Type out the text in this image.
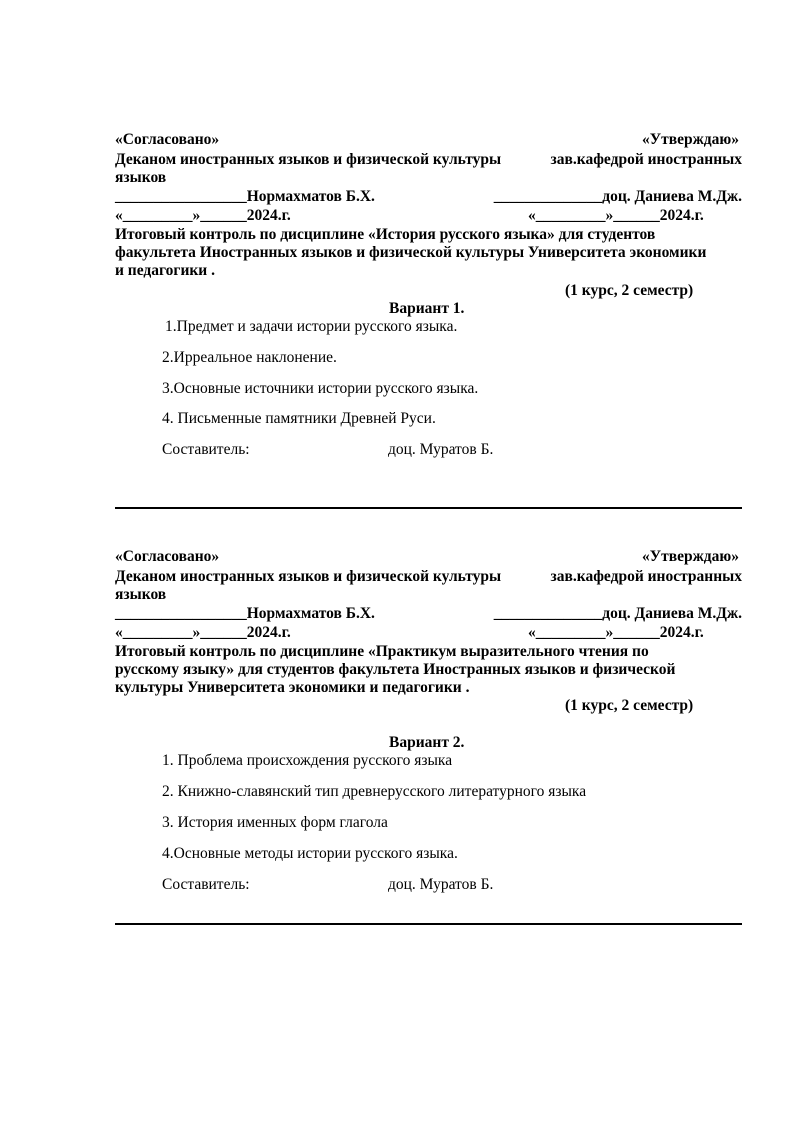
«Согласовано»	«Утверждаю»
Деканом иностранных языков и физической культуры	зав.кафедрой иностранных
языков
_________________Нормахматов Б.Х.	______________доц. Даниева М.Дж.
«_________»______2024.г.	«_________»______2024.г.
Итоговый контроль по дисциплине «История русского языка» для студентов
факультета Иностранных языков и физической культуры Университета экономики
и педагогики .
(1 курс, 2 семестр)
Вариант 1.
1.Предмет и задачи истории русского языка.
2.Ирреальное наклонение.
3.Основные источники истории русского языка.
4. Письменные памятники Древней Руси.
Составитель:	доц. Муратов Б.
«Согласовано»	«Утверждаю»
Деканом иностранных языков и физической культуры	зав.кафедрой иностранных
языков
_________________Нормахматов Б.Х.	______________доц. Даниева М.Дж.
«_________»______2024.г.	«_________»______2024.г.
Итоговый контроль по дисциплине «Практикум выразительного чтения по
русскому языку» для студентов факультета Иностранных языков и физической
культуры Университета экономики и педагогики .
(1 курс, 2 семестр)
Вариант 2.
1. Проблема происхождения русского языка
2. Книжно-славянский тип древнерусского литературного языка
3. История именных форм глагола
4.Основные методы истории русского языка.
Составитель:	доц. Муратов Б.
